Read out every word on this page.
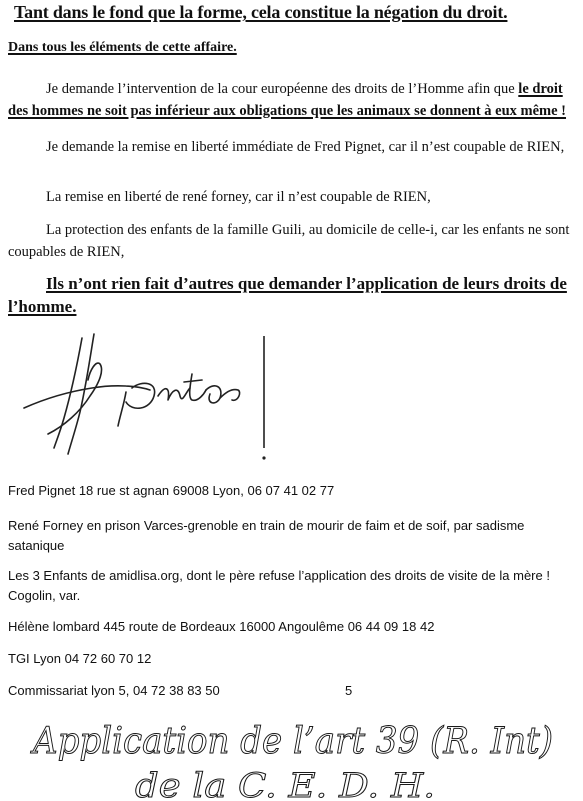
Tant dans le fond que la forme, cela constitue la négation du droit.
Dans tous les éléments de cette affaire.
Je demande l’intervention de la cour européenne des droits de l’Homme afin que le droit des hommes ne soit pas inférieur aux obligations que les animaux se donnent à eux même !
Je demande la remise en liberté immédiate de Fred Pignet, car il n’est coupable de RIEN,
La remise en liberté de rené forney, car il n’est coupable de RIEN,
La protection des enfants de la famille Guili, au domicile de celle-i, car les enfants ne sont coupables de RIEN,
Ils n’ont rien fait d’autres que demander l’application de leurs droits de l’homme.
Fred Pignet 18 rue st agnan 69008 Lyon, 06 07 41 02 77
René Forney en prison Varces-grenoble en train de mourir de faim et de soif, par sadisme satanique
Les 3 Enfants de amidlisa.org, dont le père refuse l’application des droits de visite de la mère ! Cogolin, var.
Hélène lombard 445 route de Bordeaux 16000 Angoulême 06 44 09 18 42
TGI Lyon 04 72 60 70 12
Commissariat lyon 5, 04 72 38 83 50	5
Application de l’art 39 (R. Int)
de la C. E. D. H.
